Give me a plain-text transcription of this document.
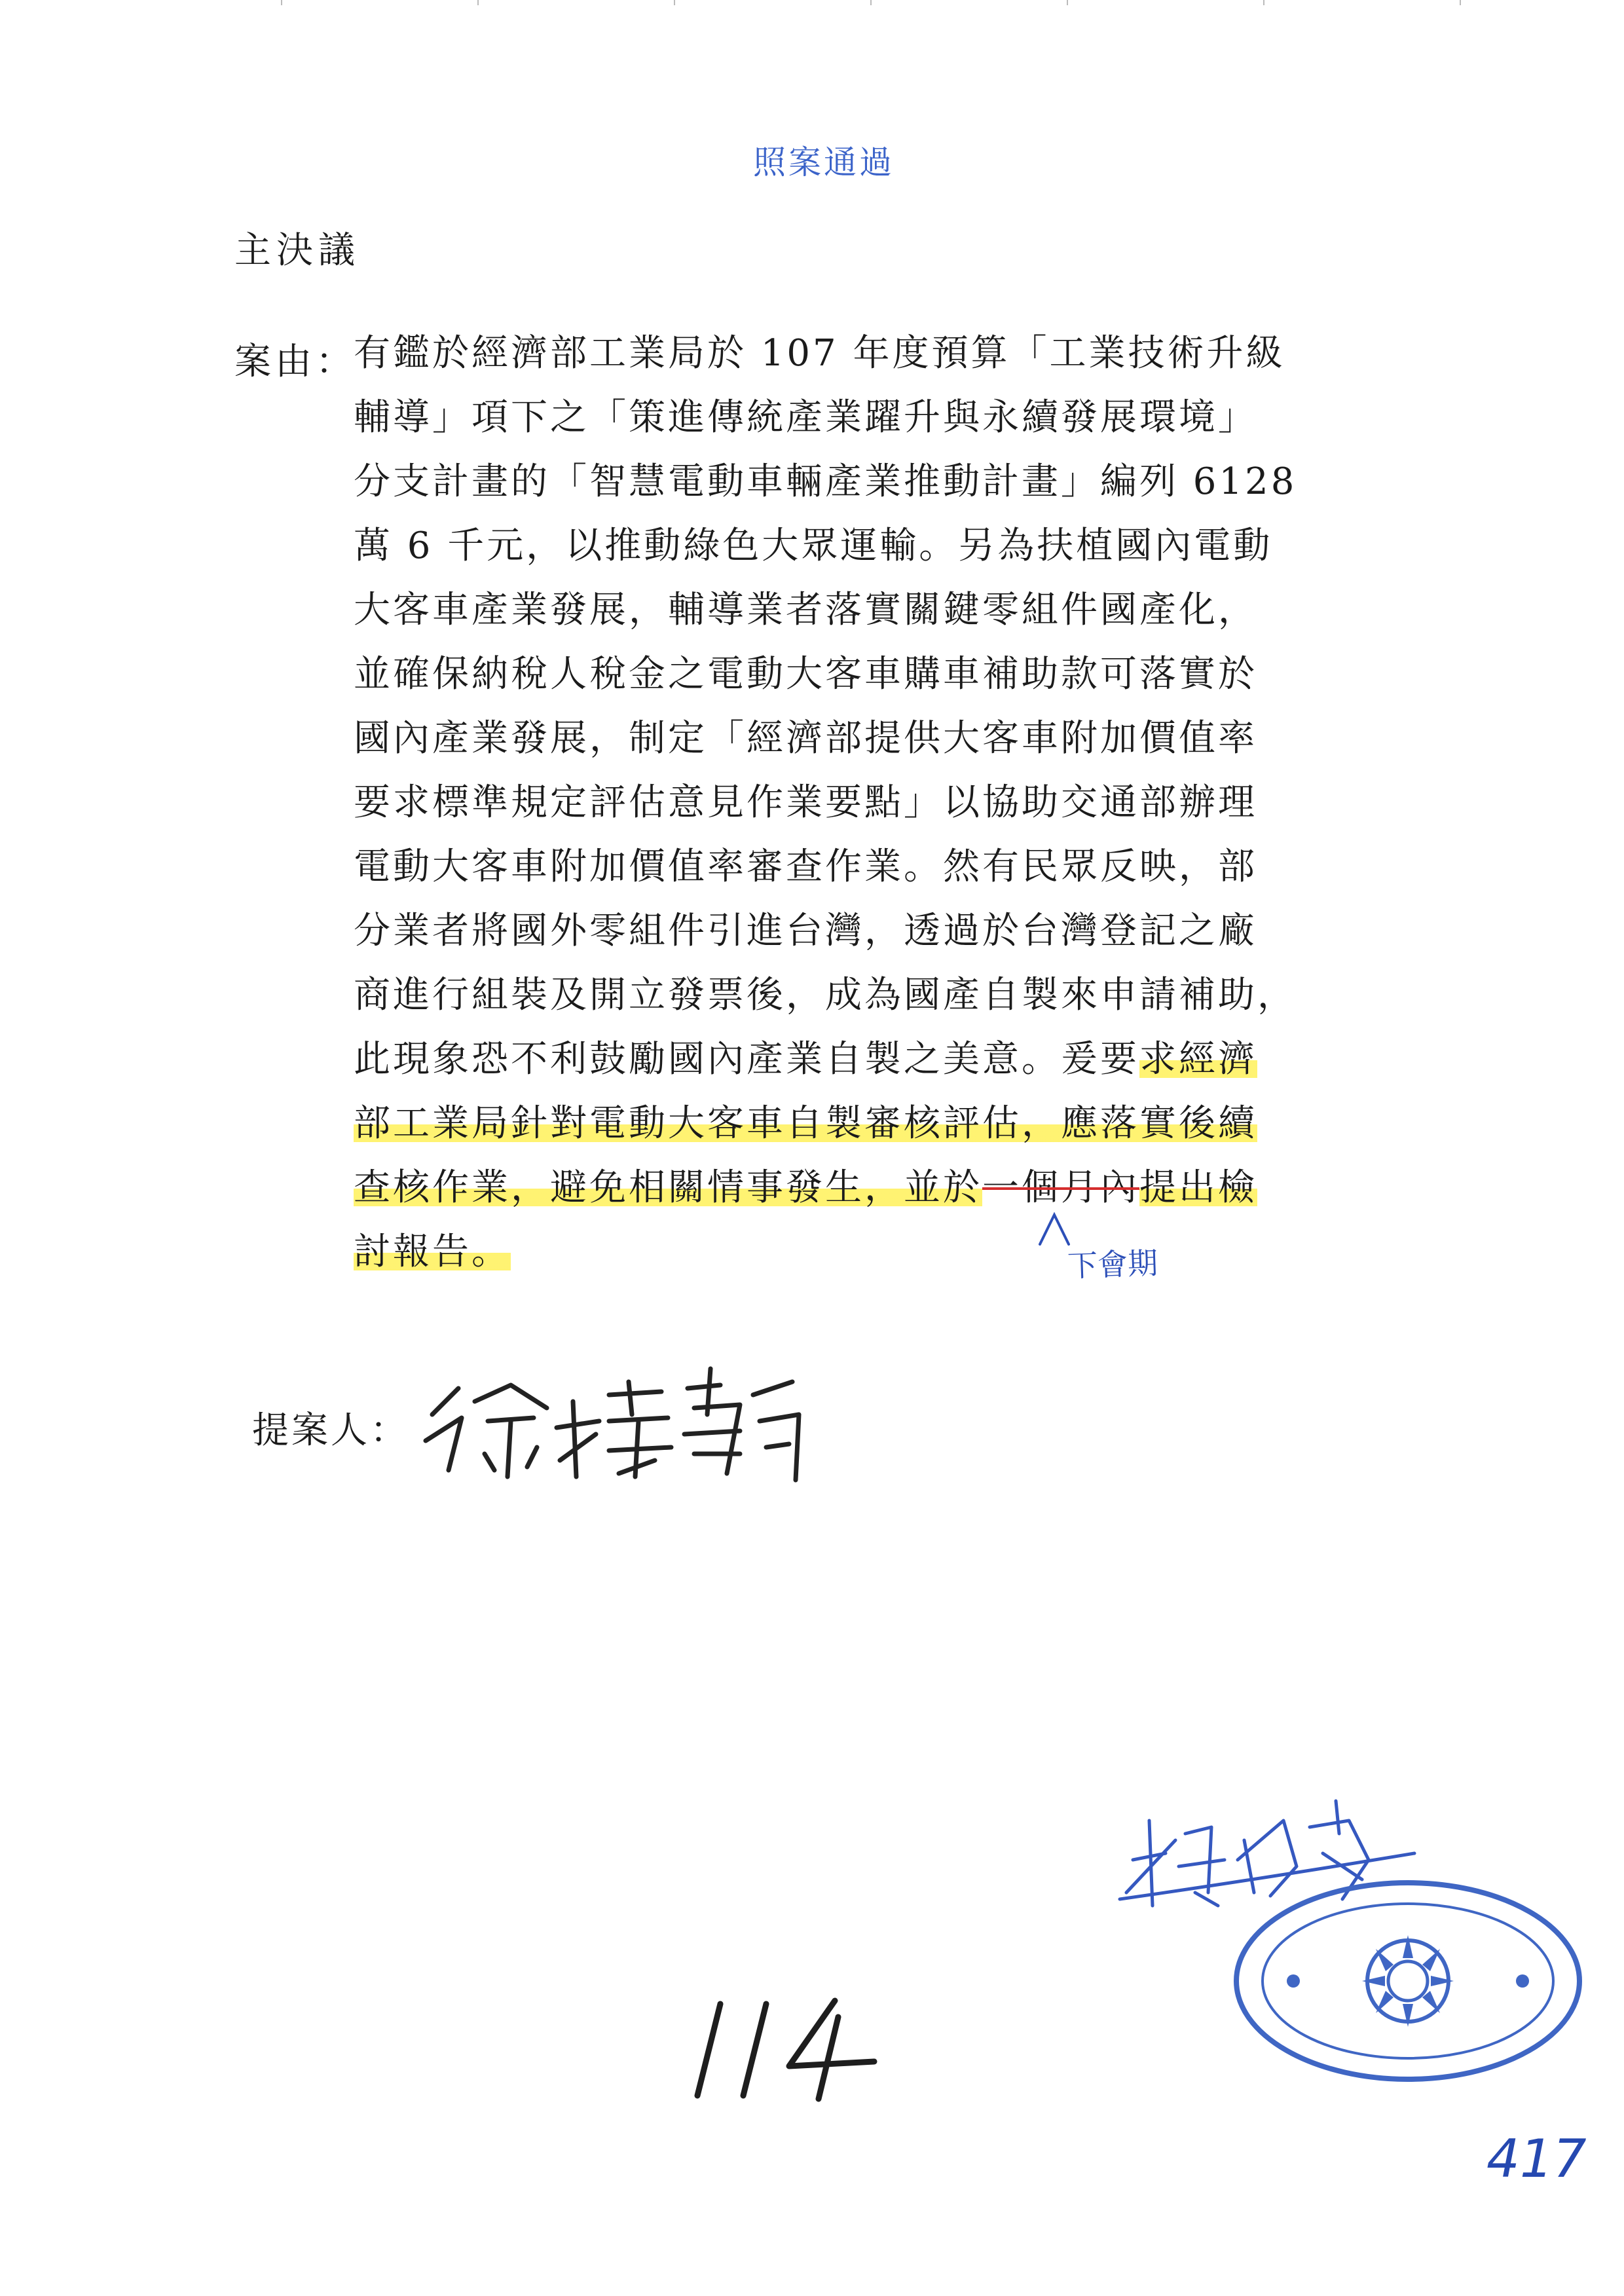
照案通過
主決議
案由：
有鑑於經濟部工業局於 107 年度預算「工業技術升級
輔導」項下之「策進傳統產業躍升與永續發展環境」
分支計畫的「智慧電動車輛產業推動計畫」編列 6128
萬 6 千元，以推動綠色大眾運輸。另為扶植國內電動
大客車產業發展，輔導業者落實關鍵零組件國產化，
並確保納稅人稅金之電動大客車購車補助款可落實於
國內產業發展，制定「經濟部提供大客車附加價值率
要求標準規定評估意見作業要點」以協助交通部辦理
電動大客車附加價值率審查作業。然有民眾反映，部
分業者將國外零組件引進台灣，透過於台灣登記之廠
商進行組裝及開立發票後，成為國產自製來申請補助，
此現象恐不利鼓勵國內產業自製之美意。爰要求經濟
部工業局針對電動大客車自製審核評估，應落實後續
查核作業，避免相關情事發生，並於一個月內提出檢
討報告。	下會期
提案人：
417
